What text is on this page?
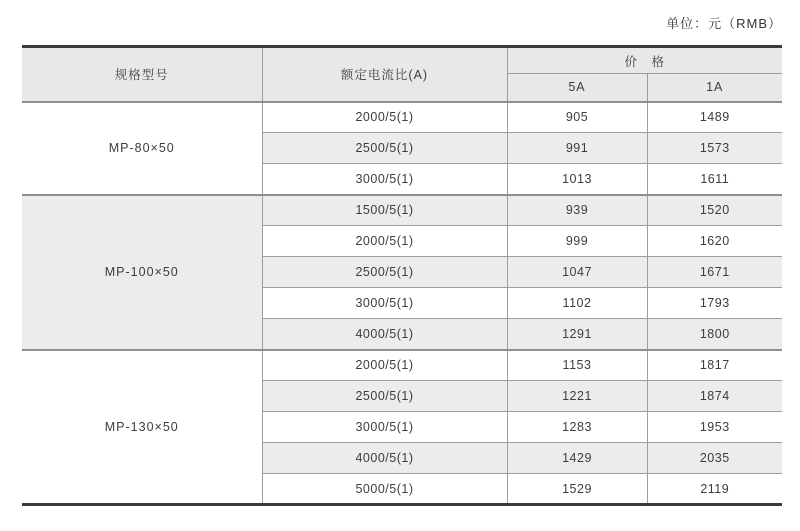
单位：元（RMB）
规格型号	额定电流比(A)	价　格	
		5A	1A
MP-80×50	2000/5(1)	905	1489
	2500/5(1)	991	1573
	3000/5(1)	1013	1611
MP-100×50	1500/5(1)	939	1520
	2000/5(1)	999	1620
	2500/5(1)	1047	1671
	3000/5(1)	1102	1793
	4000/5(1)	1291	1800
MP-130×50	2000/5(1)	1153	1817
	2500/5(1)	1221	1874
	3000/5(1)	1283	1953
	4000/5(1)	1429	2035
	5000/5(1)	1529	2119
